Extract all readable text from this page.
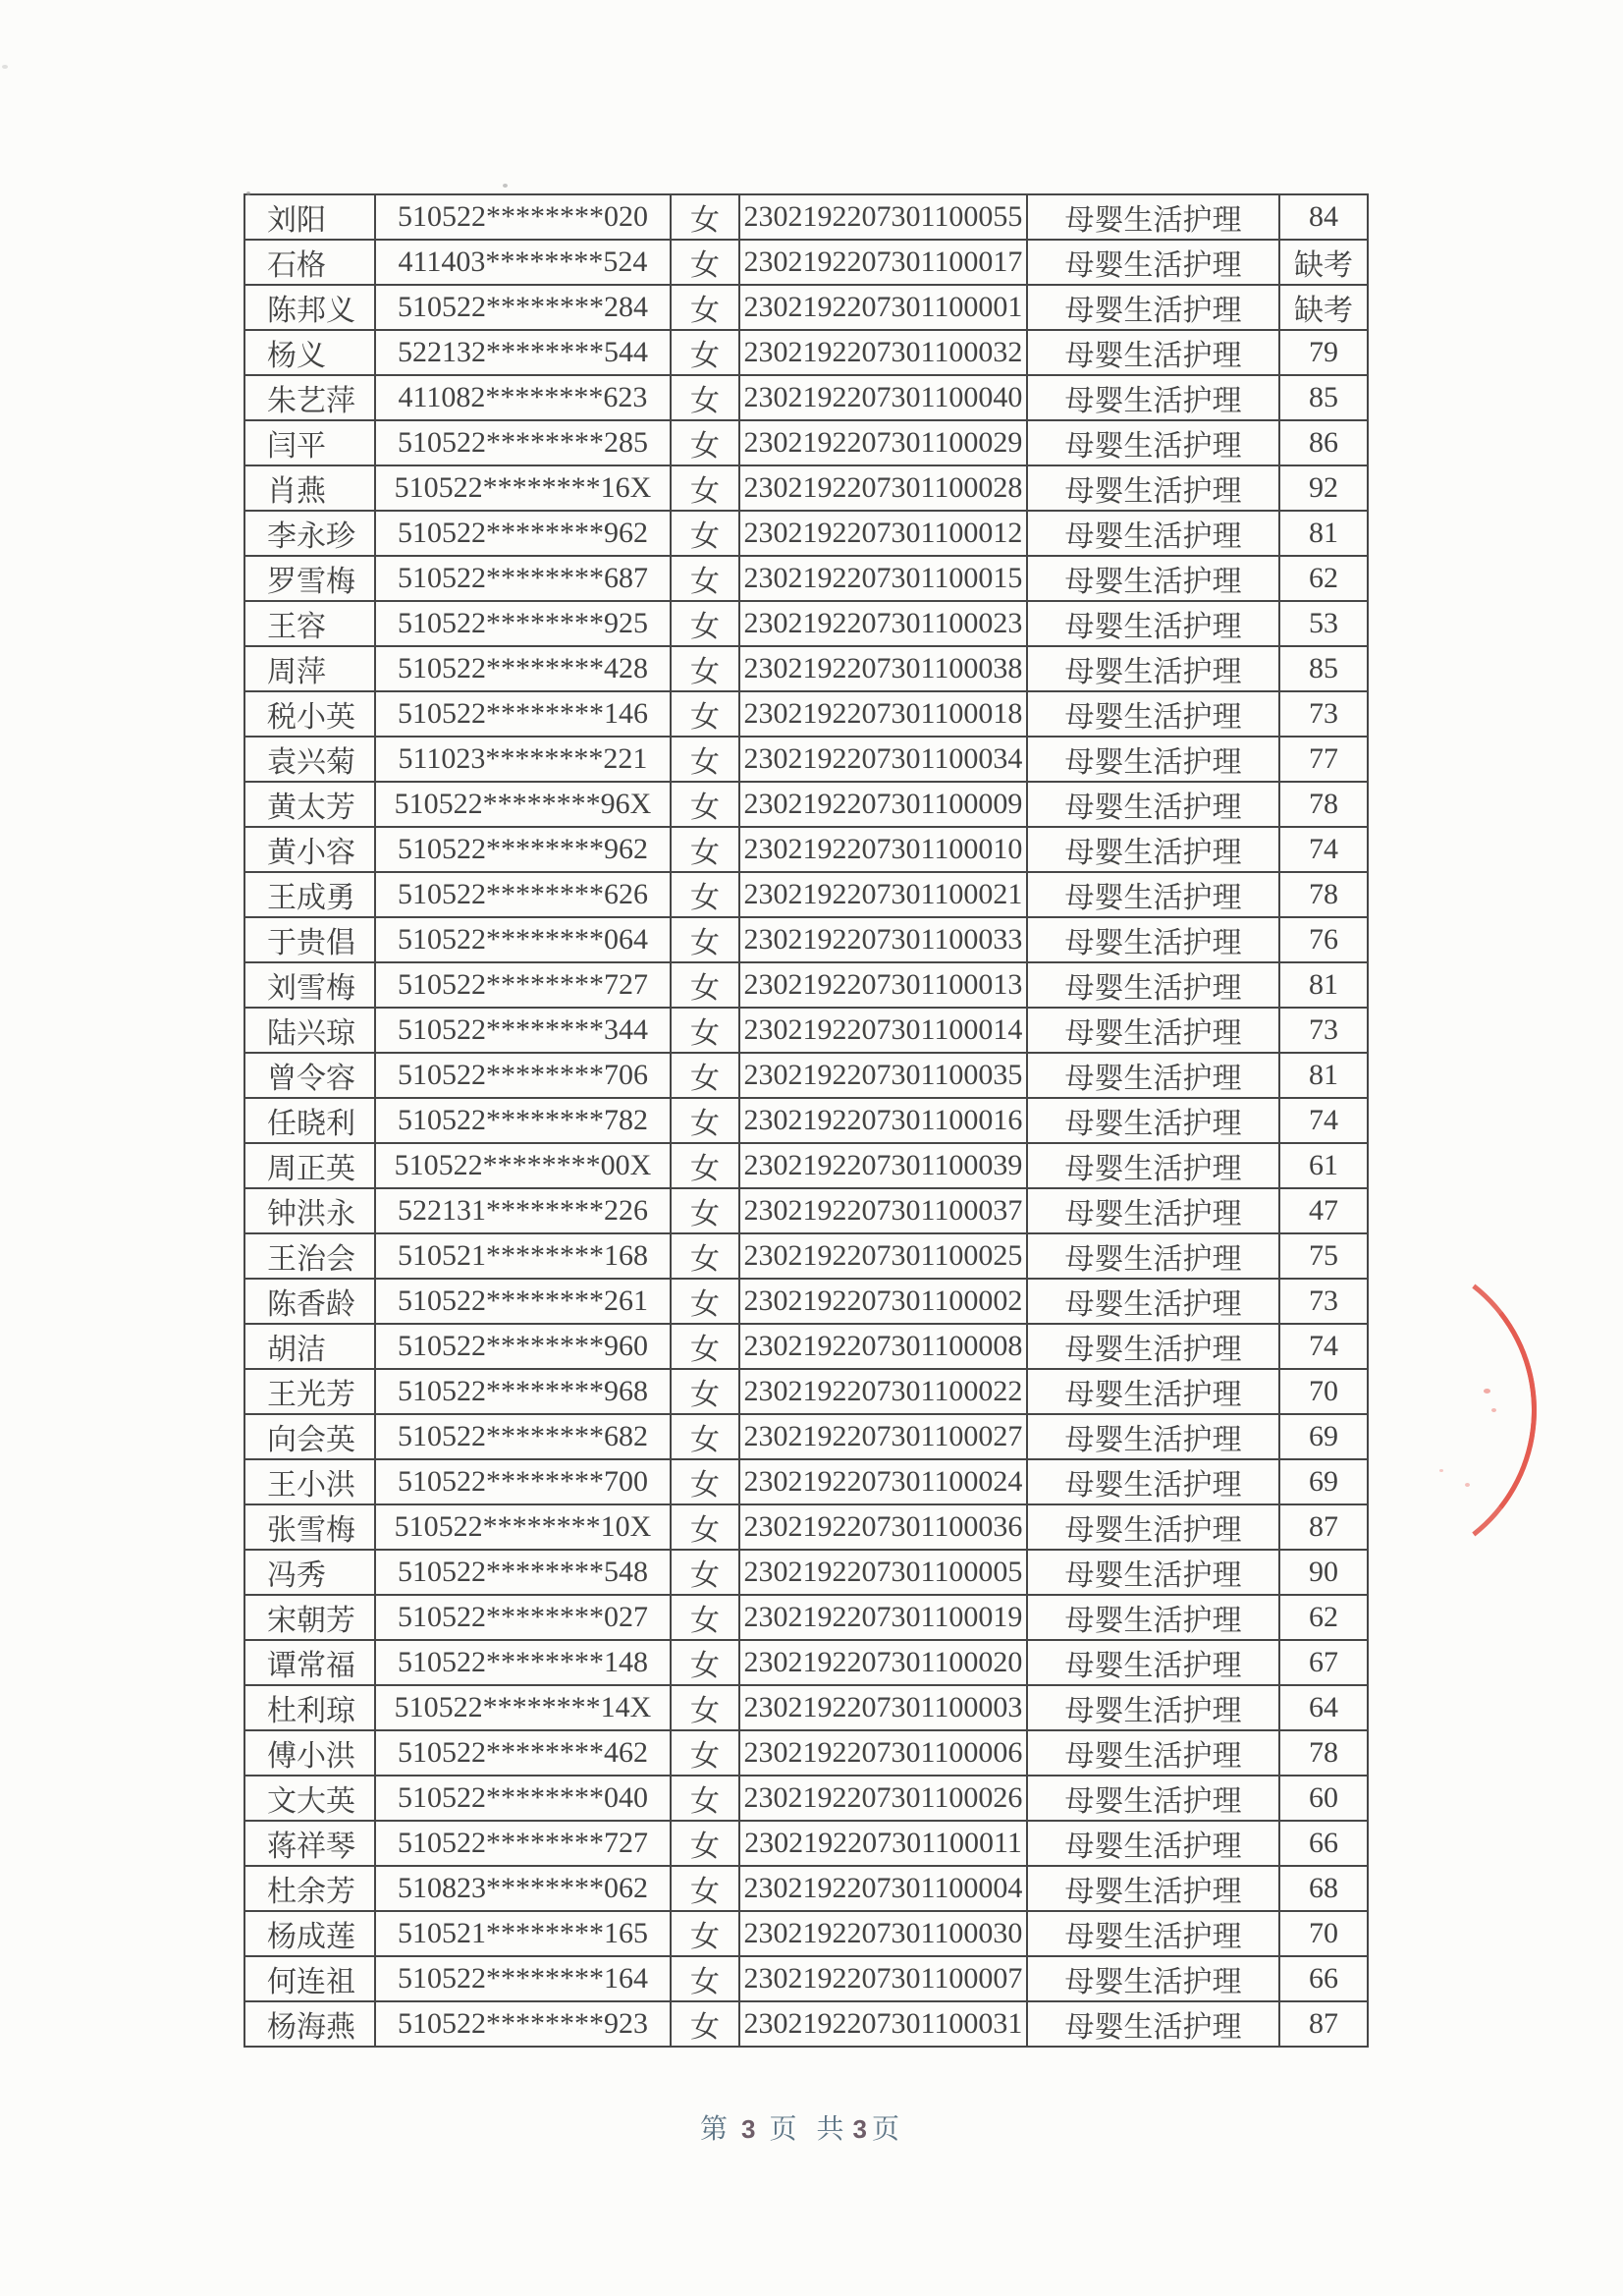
刘阳	510522********020	女	2302192207301100055	母婴生活护理	84
石格	411403********524	女	2302192207301100017	母婴生活护理	缺考
陈邦义	510522********284	女	2302192207301100001	母婴生活护理	缺考
杨义	522132********544	女	2302192207301100032	母婴生活护理	79
朱艺萍	411082********623	女	2302192207301100040	母婴生活护理	85
闫平	510522********285	女	2302192207301100029	母婴生活护理	86
肖燕	510522********16X	女	2302192207301100028	母婴生活护理	92
李永珍	510522********962	女	2302192207301100012	母婴生活护理	81
罗雪梅	510522********687	女	2302192207301100015	母婴生活护理	62
王容	510522********925	女	2302192207301100023	母婴生活护理	53
周萍	510522********428	女	2302192207301100038	母婴生活护理	85
税小英	510522********146	女	2302192207301100018	母婴生活护理	73
袁兴菊	511023********221	女	2302192207301100034	母婴生活护理	77
黄太芳	510522********96X	女	2302192207301100009	母婴生活护理	78
黄小容	510522********962	女	2302192207301100010	母婴生活护理	74
王成勇	510522********626	女	2302192207301100021	母婴生活护理	78
于贵倡	510522********064	女	2302192207301100033	母婴生活护理	76
刘雪梅	510522********727	女	2302192207301100013	母婴生活护理	81
陆兴琼	510522********344	女	2302192207301100014	母婴生活护理	73
曾令容	510522********706	女	2302192207301100035	母婴生活护理	81
任晓利	510522********782	女	2302192207301100016	母婴生活护理	74
周正英	510522********00X	女	2302192207301100039	母婴生活护理	61
钟洪永	522131********226	女	2302192207301100037	母婴生活护理	47
王治会	510521********168	女	2302192207301100025	母婴生活护理	75
陈香龄	510522********261	女	2302192207301100002	母婴生活护理	73
胡洁	510522********960	女	2302192207301100008	母婴生活护理	74
王光芳	510522********968	女	2302192207301100022	母婴生活护理	70
向会英	510522********682	女	2302192207301100027	母婴生活护理	69
王小洪	510522********700	女	2302192207301100024	母婴生活护理	69
张雪梅	510522********10X	女	2302192207301100036	母婴生活护理	87
冯秀	510522********548	女	2302192207301100005	母婴生活护理	90
宋朝芳	510522********027	女	2302192207301100019	母婴生活护理	62
谭常福	510522********148	女	2302192207301100020	母婴生活护理	67
杜利琼	510522********14X	女	2302192207301100003	母婴生活护理	64
傅小洪	510522********462	女	2302192207301100006	母婴生活护理	78
文大英	510522********040	女	2302192207301100026	母婴生活护理	60
蒋祥琴	510522********727	女	2302192207301100011	母婴生活护理	66
杜余芳	510823********062	女	2302192207301100004	母婴生活护理	68
杨成莲	510521********165	女	2302192207301100030	母婴生活护理	70
何连祖	510522********164	女	2302192207301100007	母婴生活护理	66
杨海燕	510522********923	女	2302192207301100031	母婴生活护理	87
第 3 页 共 3 页
